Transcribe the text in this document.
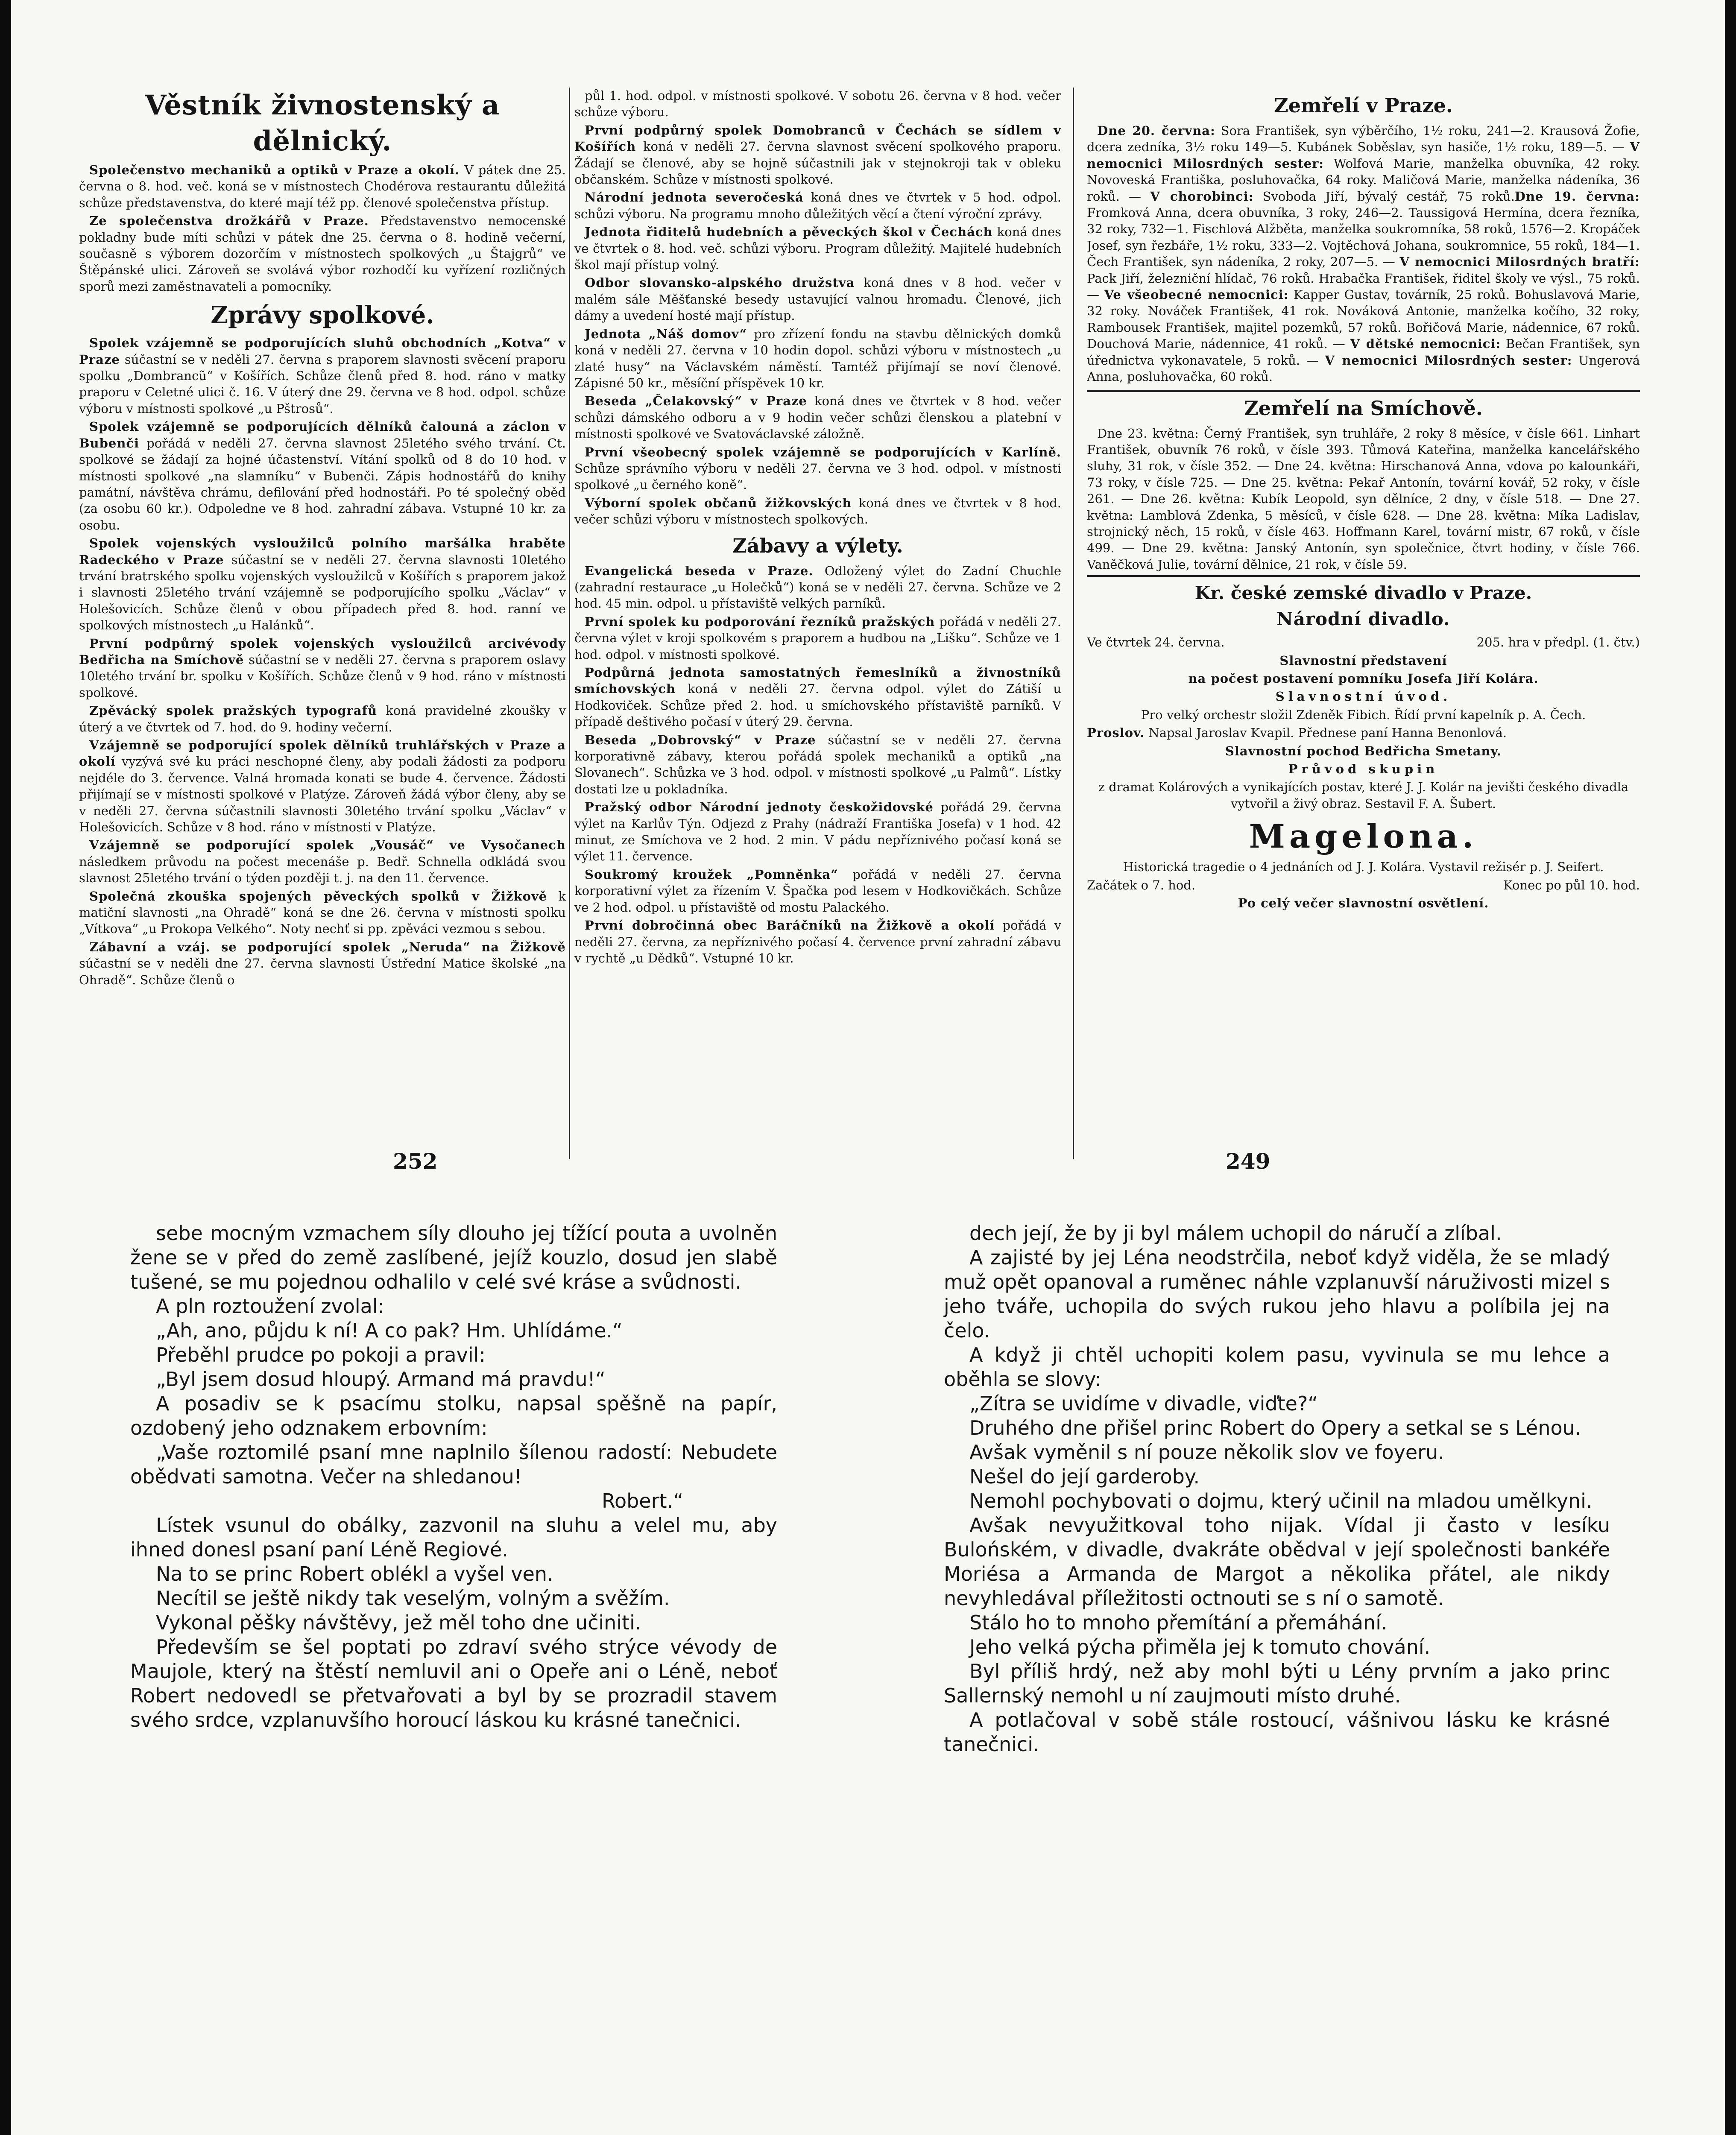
Věstník živnostenský a dělnický.
Společenstvo mechaniků a optiků v Praze a okolí. V pátek dne 25. června o 8. hod. več. koná se v místnostech Chodérova restaurantu důležitá schůze představenstva, do které mají též pp. členové společenstva přístup.
Ze společenstva drožkářů v Praze. Představenstvo nemocenské pokladny bude míti schůzi v pátek dne 25. června o 8. hodině večerní, současně s výborem dozorčím v místnostech spolkových „u Štajgrů“ ve Štěpánské ulici. Zároveň se svolává výbor rozhodčí ku vyřízení rozličných sporů mezi zaměstnavateli a pomocníky.
Zprávy spolkové.
Spolek vzájemně se podporujících sluhů obchodních „Kotva“ v Praze súčastní se v neděli 27. června s praporem slavnosti svěcení praporu spolku „Dombrancũ“ v Košířích. Schůze členů před 8. hod. ráno v matky praporu v Celetné ulici č. 16. V úterý dne 29. června ve 8 hod. odpol. schůze výboru v místnosti spolkové „u Pštrosů“.
Spolek vzájemně se podporujících dělníků čalouná a záclon v Bubenči pořádá v neděli 27. června slavnost 25letého svého trvání. Ct. spolkové se žádají za hojné účastenství. Vítání spolků od 8 do 10 hod. v místnosti spolkové „na slamníku“ v Bubenči. Zápis hodnostářů do knihy památní, návštěva chrámu, defilování před hodnostáři. Po té společný oběd (za osobu 60 kr.). Odpoledne ve 8 hod. zahradní zábava. Vstupné 10 kr. za osobu.
Spolek vojenských vysloužilců polního maršálka hraběte Radeckého v Praze súčastní se v neděli 27. června slavnosti 10letého trvání bratrského spolku vojenských vysloužilců v Košířích s praporem jakož i slavnosti 25letého trvání vzájemně se podporujícího spolku „Václav“ v Holešovicích. Schůze členů v obou případech před 8. hod. ranní ve spolkových místnostech „u Halánků“.
První podpůrný spolek vojenských vysloužilců arcivévody Bedřicha na Smíchově súčastní se v neděli 27. června s praporem oslavy 10letého trvání br. spolku v Košířích. Schůze členů v 9 hod. ráno v místnosti spolkové.
Zpěvácký spolek pražských typografů koná pravidelné zkoušky v úterý a ve čtvrtek od 7. hod. do 9. hodiny večerní.
Vzájemně se podporující spolek dělníků truhlářských v Praze a okolí vyzývá své ku práci neschopné členy, aby podali žádosti za podporu nejdéle do 3. července. Valná hromada konati se bude 4. července. Žádosti přijímají se v místnosti spolkové v Platýze. Zároveň žádá výbor členy, aby se v neděli 27. června súčastnili slavnosti 30letého trvání spolku „Václav“ v Holešovicích. Schůze v 8 hod. ráno v místnosti v Platýze.
Vzájemně se podporující spolek „Vousáč“ ve Vysočanech následkem průvodu na počest mecenáše p. Bedř. Schnella odkládá svou slavnost 25letého trvání o týden později t. j. na den 11. července.
Společná zkouška spojených pěveckých spolků v Žižkově k matiční slavnosti „na Ohradě“ koná se dne 26. června v místnosti spolku „Vítkova“ „u Prokopa Velkého“. Noty nechť si pp. zpěváci vezmou s sebou.
Zábavní a vzáj. se podporující spolek „Neruda“ na Žižkově súčastní se v neděli dne 27. června slavnosti Ústřední Matice školské „na Ohradě“. Schůze členů o
půl 1. hod. odpol. v místnosti spolkové. V sobotu 26. června v 8 hod. večer schůze výboru.
První podpůrný spolek Domobranců v Čechách se sídlem v Košířích koná v neděli 27. června slavnost svěcení spolkového praporu. Žádají se členové, aby se hojně súčastnili jak v stejnokroji tak v obleku občanském. Schůze v místnosti spolkové.
Národní jednota severočeská koná dnes ve čtvrtek v 5 hod. odpol. schůzi výboru. Na programu mnoho důležitých věcí a čtení výroční zprávy.
Jednota řiditelů hudebních a pěveckých škol v Čechách koná dnes ve čtvrtek o 8. hod. več. schůzi výboru. Program důležitý. Majitelé hudebních škol mají přístup volný.
Odbor slovansko-alpského družstva koná dnes v 8 hod. večer v malém sále Měšťanské besedy ustavující valnou hromadu. Členové, jich dámy a uvedení hosté mají přístup.
Jednota „Náš domov“ pro zřízení fondu na stavbu dělnických domků koná v neděli 27. června v 10 hodin dopol. schůzi výboru v místnostech „u zlaté husy“ na Václavském náměstí. Tamtéž přijímají se noví členové. Zápisné 50 kr., měsíční příspěvek 10 kr.
Beseda „Čelakovský“ v Praze koná dnes ve čtvrtek v 8 hod. večer schůzi dámského odboru a v 9 hodin večer schůzi členskou a platební v místnosti spolkové ve Svatováclavské záložně.
První všeobecný spolek vzájemně se podporujících v Karlíně. Schůze správního výboru v neděli 27. června ve 3 hod. odpol. v místnosti spolkové „u černého koně“.
Výborní spolek občanů žižkovských koná dnes ve čtvrtek v 8 hod. večer schůzi výboru v místnostech spolkových.
Zábavy a výlety.
Evangelická beseda v Praze. Odložený výlet do Zadní Chuchle (zahradní restaurace „u Holečků“) koná se v neděli 27. června. Schůze ve 2 hod. 45 min. odpol. u přístaviště velkých parníků.
První spolek ku podporování řezníků pražských pořádá v neděli 27. června výlet v kroji spolkovém s praporem a hudbou na „Lišku“. Schůze ve 1 hod. odpol. v místnosti spolkové.
Podpůrná jednota samostatných řemeslníků a živnostníků smíchovských koná v neděli 27. června odpol. výlet do Zátiší u Hodkoviček. Schůze před 2. hod. u smíchovského přístaviště parníků. V případě deštivého počasí v úterý 29. června.
Beseda „Dobrovský“ v Praze súčastní se v neděli 27. června korporativně zábavy, kterou pořádá spolek mechaniků a optiků „na Slovanech“. Schůzka ve 3 hod. odpol. v místnosti spolkové „u Palmů“. Lístky dostati lze u pokladníka.
Pražský odbor Národní jednoty českožidovské pořádá 29. června výlet na Karlův Týn. Odjezd z Prahy (nádraží Františka Josefa) v 1 hod. 42 minut, ze Smíchova ve 2 hod. 2 min. V pádu nepříznivého počasí koná se výlet 11. července.
Soukromý kroužek „Pomněnka“ pořádá v neděli 27. června korporativní výlet za řízením V. Špačka pod lesem v Hodkovičkách. Schůze ve 2 hod. odpol. u přístaviště od mostu Palackého.
První dobročinná obec Baráčníků na Žižkově a okolí pořádá v neděli 27. června, za nepříznivého počasí 4. července první zahradní zábavu v rychtě „u Dědků“. Vstupné 10 kr.
Zemřelí v Praze.
Dne 20. června: Sora František, syn výběrčího, 1½ roku, 241—2. Krausová Žofie, dcera zedníka, 3½ roku 149—5. Kubánek Soběslav, syn hasiče, 1½ roku, 189—5. — V nemocnici Milosrdných sester: Wolfová Marie, manželka obuvníka, 42 roky. Novoveská Františka, posluhovačka, 64 roky. Maličová Marie, manželka nádeníka, 36 roků. — V chorobinci: Svoboda Jiří, bývalý cestář, 75 roků.Dne 19. června: Fromková Anna, dcera obuvníka, 3 roky, 246—2. Taussigová Hermína, dcera řezníka, 32 roky, 732—1. Fischlová Alžběta, manželka soukromníka, 58 roků, 1576—2. Kropáček Josef, syn řezbáře, 1½ roku, 333—2. Vojtěchová Johana, soukromnice, 55 roků, 184—1. Čech František, syn nádeníka, 2 roky, 207—5. — V nemocnici Milosrdných bratří: Pack Jiří, železniční hlídač, 76 roků. Hrabačka František, řiditel školy ve výsl., 75 roků. — Ve všeobecné nemocnici: Kapper Gustav, továrník, 25 roků. Bohuslavová Marie, 32 roky. Nováček František, 41 rok. Nováková Antonie, manželka kočího, 32 roky, Rambousek František, majitel pozemků, 57 roků. Bořičová Marie, nádennice, 67 roků. Douchová Marie, nádennice, 41 roků. — V dětské nemocnici: Bečan František, syn úřednictva vykonavatele, 5 roků. — V nemocnici Milosrdných sester: Ungerová Anna, posluhovačka, 60 roků.
Zemřelí na Smíchově.
Dne 23. května: Černý František, syn truhláře, 2 roky 8 měsíce, v čísle 661. Linhart František, obuvník 76 roků, v čísle 393. Tůmová Kateřina, manželka kancelářského sluhy, 31 rok, v čísle 352. — Dne 24. května: Hirschanová Anna, vdova po kalounkáři, 73 roky, v čísle 725. — Dne 25. května: Pekař Antonín, tovární kovář, 52 roky, v čísle 261. — Dne 26. května: Kubík Leopold, syn dělníce, 2 dny, v čísle 518. — Dne 27. května: Lamblová Zdenka, 5 měsíců, v čísle 628. — Dne 28. května: Míka Ladislav, strojnický něch, 15 roků, v čísle 463. Hoffmann Karel, tovární mistr, 67 roků, v čísle 499. — Dne 29. května: Janský Antonín, syn společnice, čtvrt hodiny, v čísle 766. Vaněčková Julie, tovární dělnice, 21 rok, v čísle 59.
Kr. české zemské divadlo v Praze.
Národní divadlo.
Ve čtvrtek 24. června.	205. hra v předpl. (1. čtv.)
Slavnostní představení
na počest postavení pomníku Josefa Jiří Kolára.
Slavnostní úvod.
Pro velký orchestr složil Zdeněk Fibich. Řídí první kapelník p. A. Čech.
Proslov. Napsal Jaroslav Kvapil. Přednese paní Hanna Benonlová.
Slavnostní pochod Bedřicha Smetany.
Průvod skupin
z dramat Kolárových a vynikajících postav, které J. J. Kolár na jevišti českého divadla vytvořil a živý obraz. Sestavil F. A. Šubert.
Magelona.
Historická tragedie o 4 jednáních od J. J. Kolára. Vystavil režisér p. J. Seifert.
Začátek o 7. hod.	Konec po půl 10. hod.
Po celý večer slavnostní osvětlení.
252	249
sebe mocným vzmachem síly dlouho jej tížící pouta a uvolněn žene se v před do země zaslíbené, jejíž kouzlo, dosud jen slabě tušené, se mu pojednou odhalilo v celé své kráse a svůdnosti.
A pln roztoužení zvolal:
„Ah, ano, půjdu k ní! A co pak? Hm. Uhlídáme.“
Přeběhl prudce po pokoji a pravil:
„Byl jsem dosud hloupý. Armand má pravdu!“
A posadiv se k psacímu stolku, napsal spěšně na papír, ozdobený jeho odznakem erbovním:
„Vaše roztomilé psaní mne naplnilo šílenou radostí: Nebudete obědvati samotna. Večer na shledanou!
Robert.“
Lístek vsunul do obálky, zazvonil na sluhu a velel mu, aby ihned donesl psaní paní Léně Regiové.
Na to se princ Robert oblékl a vyšel ven.
Necítil se ještě nikdy tak veselým, volným a svěžím.
Vykonal pěšky návštěvy, jež měl toho dne učiniti.
Především se šel poptati po zdraví svého strýce vévody de Maujole, který na štěstí nemluvil ani o Opeře ani o Léně, neboť Robert nedovedl se přetvařovati a byl by se prozradil stavem svého srdce, vzplanuvšího horoucí láskou ku krásné tanečnici.
dech její, že by ji byl málem uchopil do náručí a zlíbal.
A zajisté by jej Léna neodstrčila, neboť když viděla, že se mladý muž opět opanoval a ruměnec náhle vzplanuvší náruživosti mizel s jeho tváře, uchopila do svých rukou jeho hlavu a políbila jej na čelo.
A když ji chtěl uchopiti kolem pasu, vyvinula se mu lehce a oběhla se slovy:
„Zítra se uvidíme v divadle, viďte?“
Druhého dne přišel princ Robert do Opery a setkal se s Lénou.
Avšak vyměnil s ní pouze několik slov ve foyeru.
Nešel do její garderoby.
Nemohl pochybovati o dojmu, který učinil na mladou umělkyni.
Avšak nevyužitkoval toho nijak. Vídal ji často v lesíku Bulońském, v divadle, dvakráte obědval v její společnosti bankéře Moriésa a Armanda de Margot a několika přátel, ale nikdy nevyhledával příležitosti octnouti se s ní o samotě.
Stálo ho to mnoho přemítání a přemáhání.
Jeho velká pýcha přiměla jej k tomuto chování.
Byl příliš hrdý, než aby mohl býti u Lény prvním a jako princ Sallernský nemohl u ní zaujmouti místo druhé.
A potlačoval v sobě stále rostoucí, vášnivou lásku ke krásné tanečnici.
